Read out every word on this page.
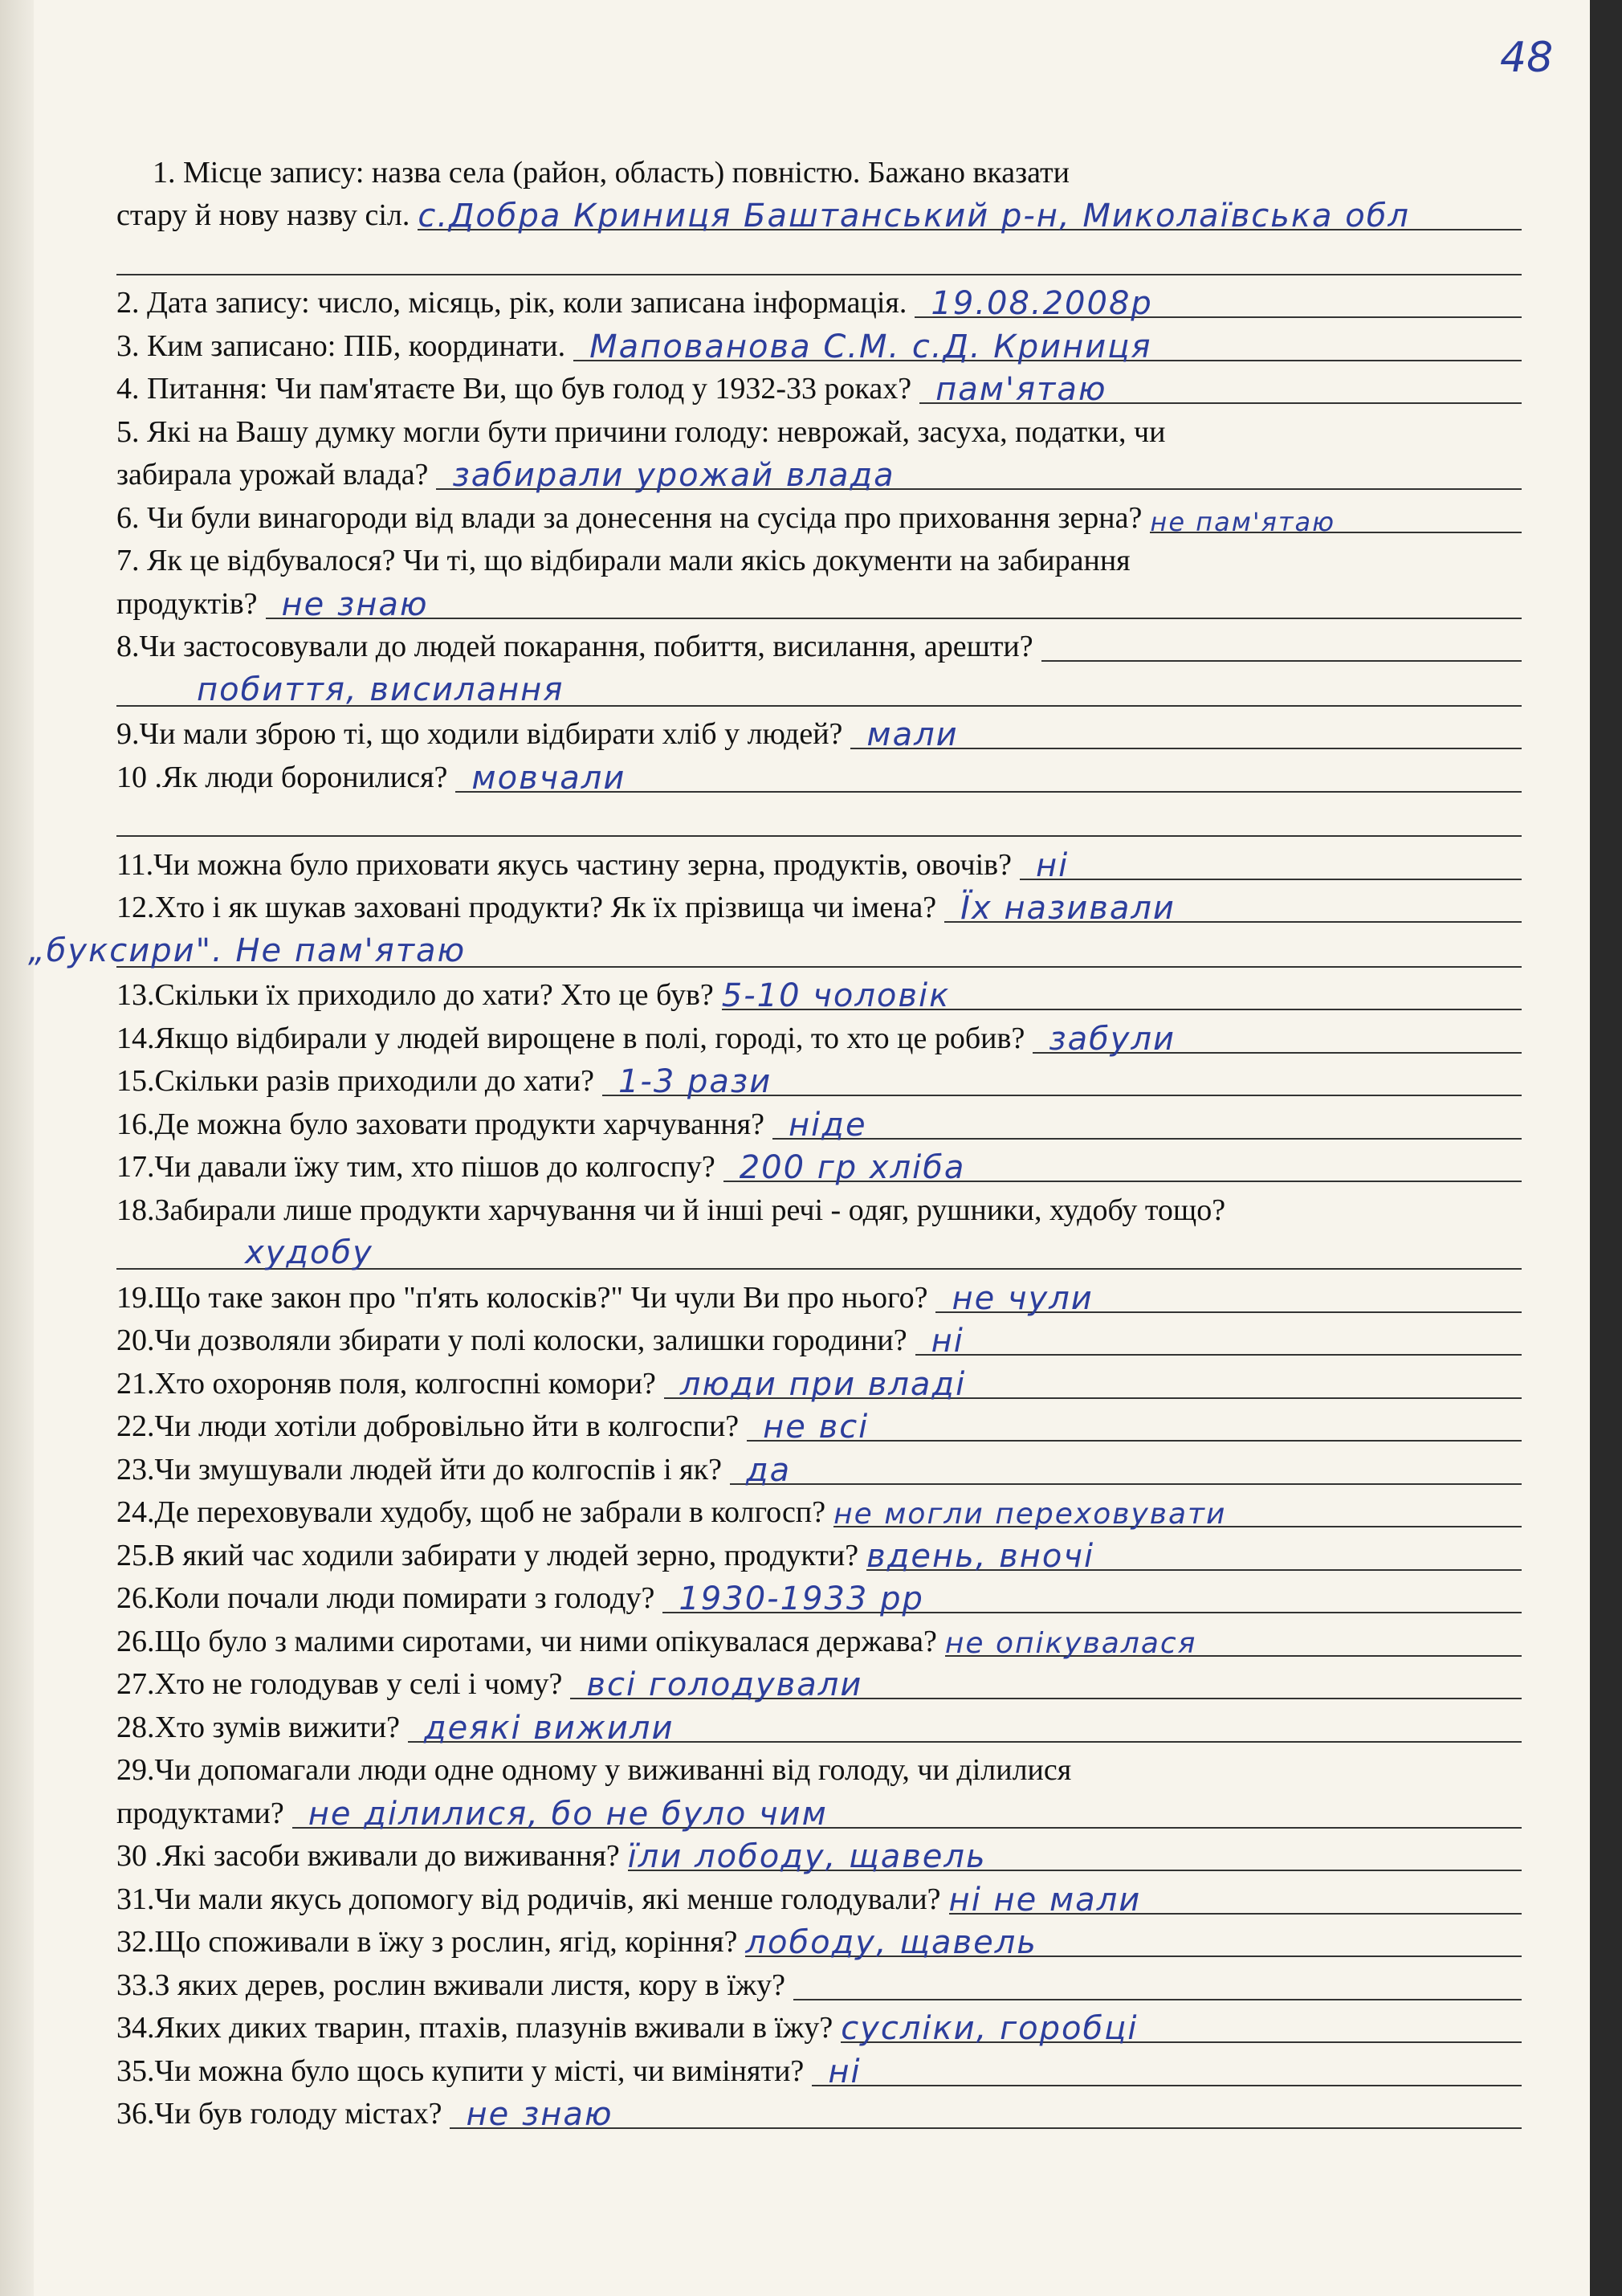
48
1. Місце запису: назва села (район, область) повністю. Бажано вказати
стару й нову назву сіл. с.Добра Криниця Баштанський р-н, Миколаївська обл
2. Дата запису: число, місяць, рік, коли записана інформація. 19.08.2008р
3. Ким записано: ПІБ, координати. Мапованова С.М. с.Д. Криниця
4. Питання: Чи пам'ятаєте Ви, що був голод у 1932-33 роках? пам'ятаю
5. Які на Вашу думку могли бути причини голоду: неврожай, засуха, податки, чи
забирала урожай влада? забирали урожай влада
6. Чи були винагороди від влади за донесення на сусіда про приховання зерна? не пам'ятаю
7. Як це відбувалося? Чи ті, що відбирали мали якісь документи на забирання
продуктів? не знаю
8.Чи застосовували до людей покарання, побиття, висилання, арешти?
побиття, висилання
9.Чи мали зброю ті, що ходили відбирати хліб у людей? мали
10 .Як люди боронилися? мовчали
11.Чи можна було приховати якусь частину зерна, продуктів, овочів? ні
12.Хто і як шукав заховані продукти? Як їх прізвища чи імена? Їх називали
„буксири". Не пам'ятаю
13.Скільки їх приходило до хати? Хто це був? 5-10 чоловік
14.Якщо відбирали у людей вирощене в полі, городі, то хто це робив? забули
15.Скільки разів приходили до хати? 1-3 рази
16.Де можна було заховати продукти харчування? ніде
17.Чи давали їжу тим, хто пішов до колгоспу? 200 гр хліба
18.Забирали лише продукти харчування чи й інші речі - одяг, рушники, худобу тощо?
худобу
19.Що таке закон про "п'ять колосків?" Чи чули Ви про нього? не чули
20.Чи дозволяли збирати у полі колоски, залишки городини? ні
21.Хто охороняв поля, колгоспні комори? люди при владі
22.Чи люди хотіли добровільно йти в колгоспи? не всі
23.Чи змушували людей йти до колгоспів і як? да
24.Де переховували худобу, щоб не забрали в колгосп? не могли переховувати
25.В який час ходили забирати у людей зерно, продукти? вдень, вночі
26.Коли почали люди помирати з голоду? 1930-1933 рр
26.Що було з малими сиротами, чи ними опікувалася держава? не опікувалася
27.Хто не голодував у селі і чому? всі голодували
28.Хто зумів вижити? деякі вижили
29.Чи допомагали люди одне одному у виживанні від голоду, чи ділилися
продуктами? не ділилися, бо не було чим
30 .Які засоби вживали до виживання? їли лободу, щавель
31.Чи мали якусь допомогу від родичів, які менше голодували? ні не мали
32.Що споживали в їжу з рослин, ягід, коріння? лободу, щавель
33.З яких дерев, рослин вживали листя, кору в їжу?
34.Яких диких тварин, птахів, плазунів вживали в їжу? сусліки, горобці
35.Чи можна було щось купити у місті, чи виміняти? ні
36.Чи був голоду містах? не знаю
